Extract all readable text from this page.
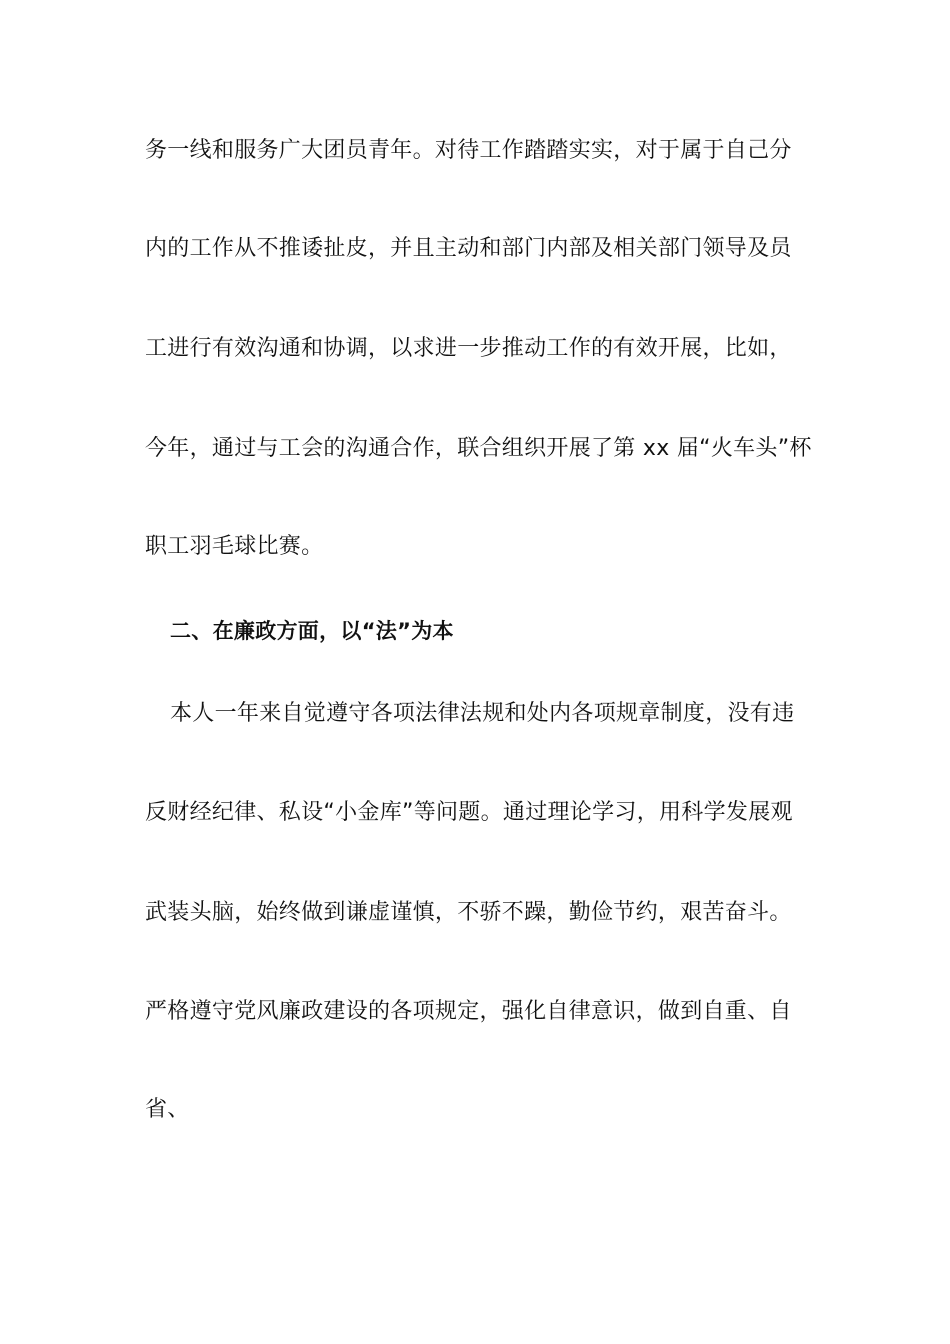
务一线和服务广大团员青年。对待工作踏踏实实，对于属于自己分
内的工作从不推诿扯皮，并且主动和部门内部及相关部门领导及员
工进行有效沟通和协调，以求进一步推动工作的有效开展，比如，
今年，通过与工会的沟通合作，联合组织开展了第 xx 届“火车头”杯
职工羽毛球比赛。
二、在廉政方面，以“法”为本
本人一年来自觉遵守各项法律法规和处内各项规章制度，没有违
反财经纪律、私设“小金库”等问题。通过理论学习，用科学发展观
武装头脑，始终做到谦虚谨慎，不骄不躁，勤俭节约，艰苦奋斗。
严格遵守党风廉政建设的各项规定，强化自律意识，做到自重、自
省、
